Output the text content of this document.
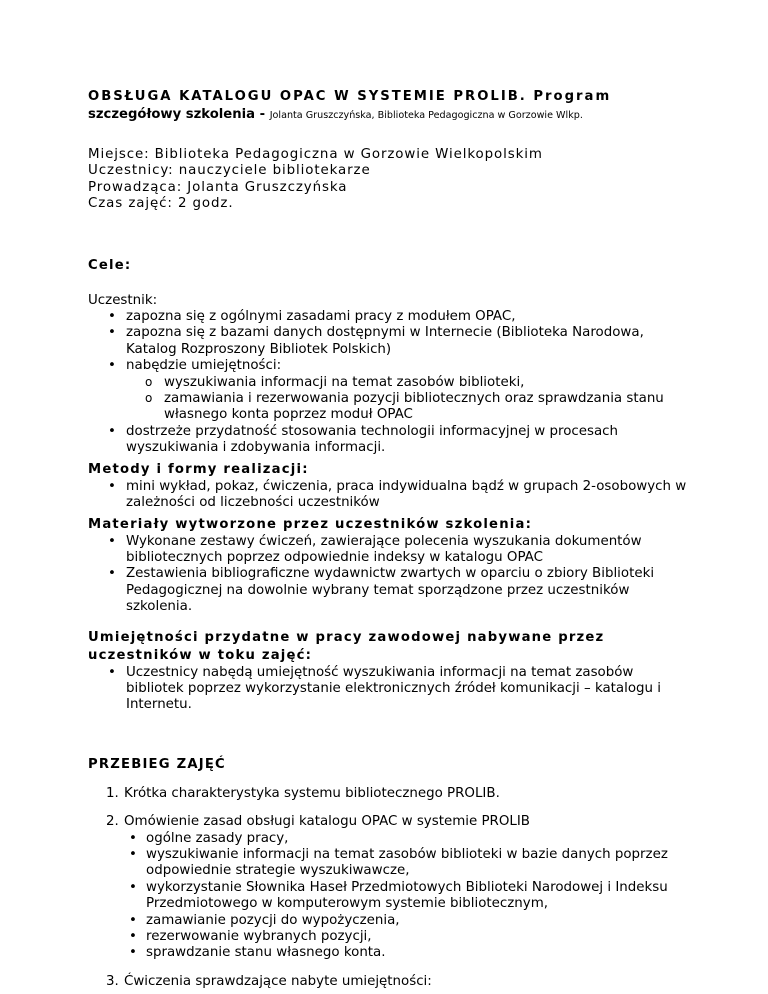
OBSŁUGA KATALOGU OPAC W SYSTEMIE PROLIB. Program

szczegółowy szkolenia - Jolanta Gruszczyńska, Biblioteka Pedagogiczna w Gorzowie Wlkp.

Miejsce: Biblioteka Pedagogiczna w Gorzowie Wielkopolskim
Uczestnicy: nauczyciele bibliotekarze
Prowadząca: Jolanta Gruszczyńska
Czas zajęć: 2 godz.

Cele:

Uczestnik:

• zapozna się z ogólnymi zasadami pracy z modułem OPAC,
• zapozna się z bazami danych dostępnymi w Internecie (Biblioteka Narodowa, Katalog Rozproszony Bibliotek Polskich)
• nabędzie umiejętności:
o wyszukiwania informacji na temat zasobów biblioteki,
o zamawiania i rezerwowania pozycji bibliotecznych oraz sprawdzania stanu własnego konta poprzez moduł OPAC
• dostrzeże przydatność stosowania technologii informacyjnej w procesach wyszukiwania i zdobywania informacji.

Metody i formy realizacji:

• mini wykład, pokaz, ćwiczenia, praca indywidualna bądź w grupach 2-osobowych w zależności od liczebności uczestników

Materiały wytworzone przez uczestników szkolenia:

• Wykonane zestawy ćwiczeń, zawierające polecenia wyszukania dokumentów bibliotecznych poprzez odpowiednie indeksy w katalogu OPAC
• Zestawienia bibliograficzne wydawnictw zwartych w oparciu o zbiory Biblioteki Pedagogicznej na dowolnie wybrany temat sporządzone przez uczestników szkolenia.

Umiejętności przydatne w pracy zawodowej nabywane przez uczestników w toku zajęć:

• Uczestnicy nabędą umiejętność wyszukiwania informacji na temat zasobów bibliotek poprzez wykorzystanie elektronicznych źródeł komunikacji – katalogu i Internetu.

PRZEBIEG ZAJĘĆ

1. Krótka charakterystyka systemu bibliotecznego PROLIB.
2. Omówienie zasad obsługi katalogu OPAC w systemie PROLIB
• ogólne zasady pracy,
• wyszukiwanie informacji na temat zasobów biblioteki w bazie danych poprzez odpowiednie strategie wyszukiwawcze,
• wykorzystanie Słownika Haseł Przedmiotowych Biblioteki Narodowej i Indeksu Przedmiotowego w komputerowym systemie bibliotecznym,
• zamawianie pozycji do wypożyczenia,
• rezerwowanie wybranych pozycji,
• sprawdzanie stanu własnego konta.
3. Ćwiczenia sprawdzające nabyte umiejętności:
